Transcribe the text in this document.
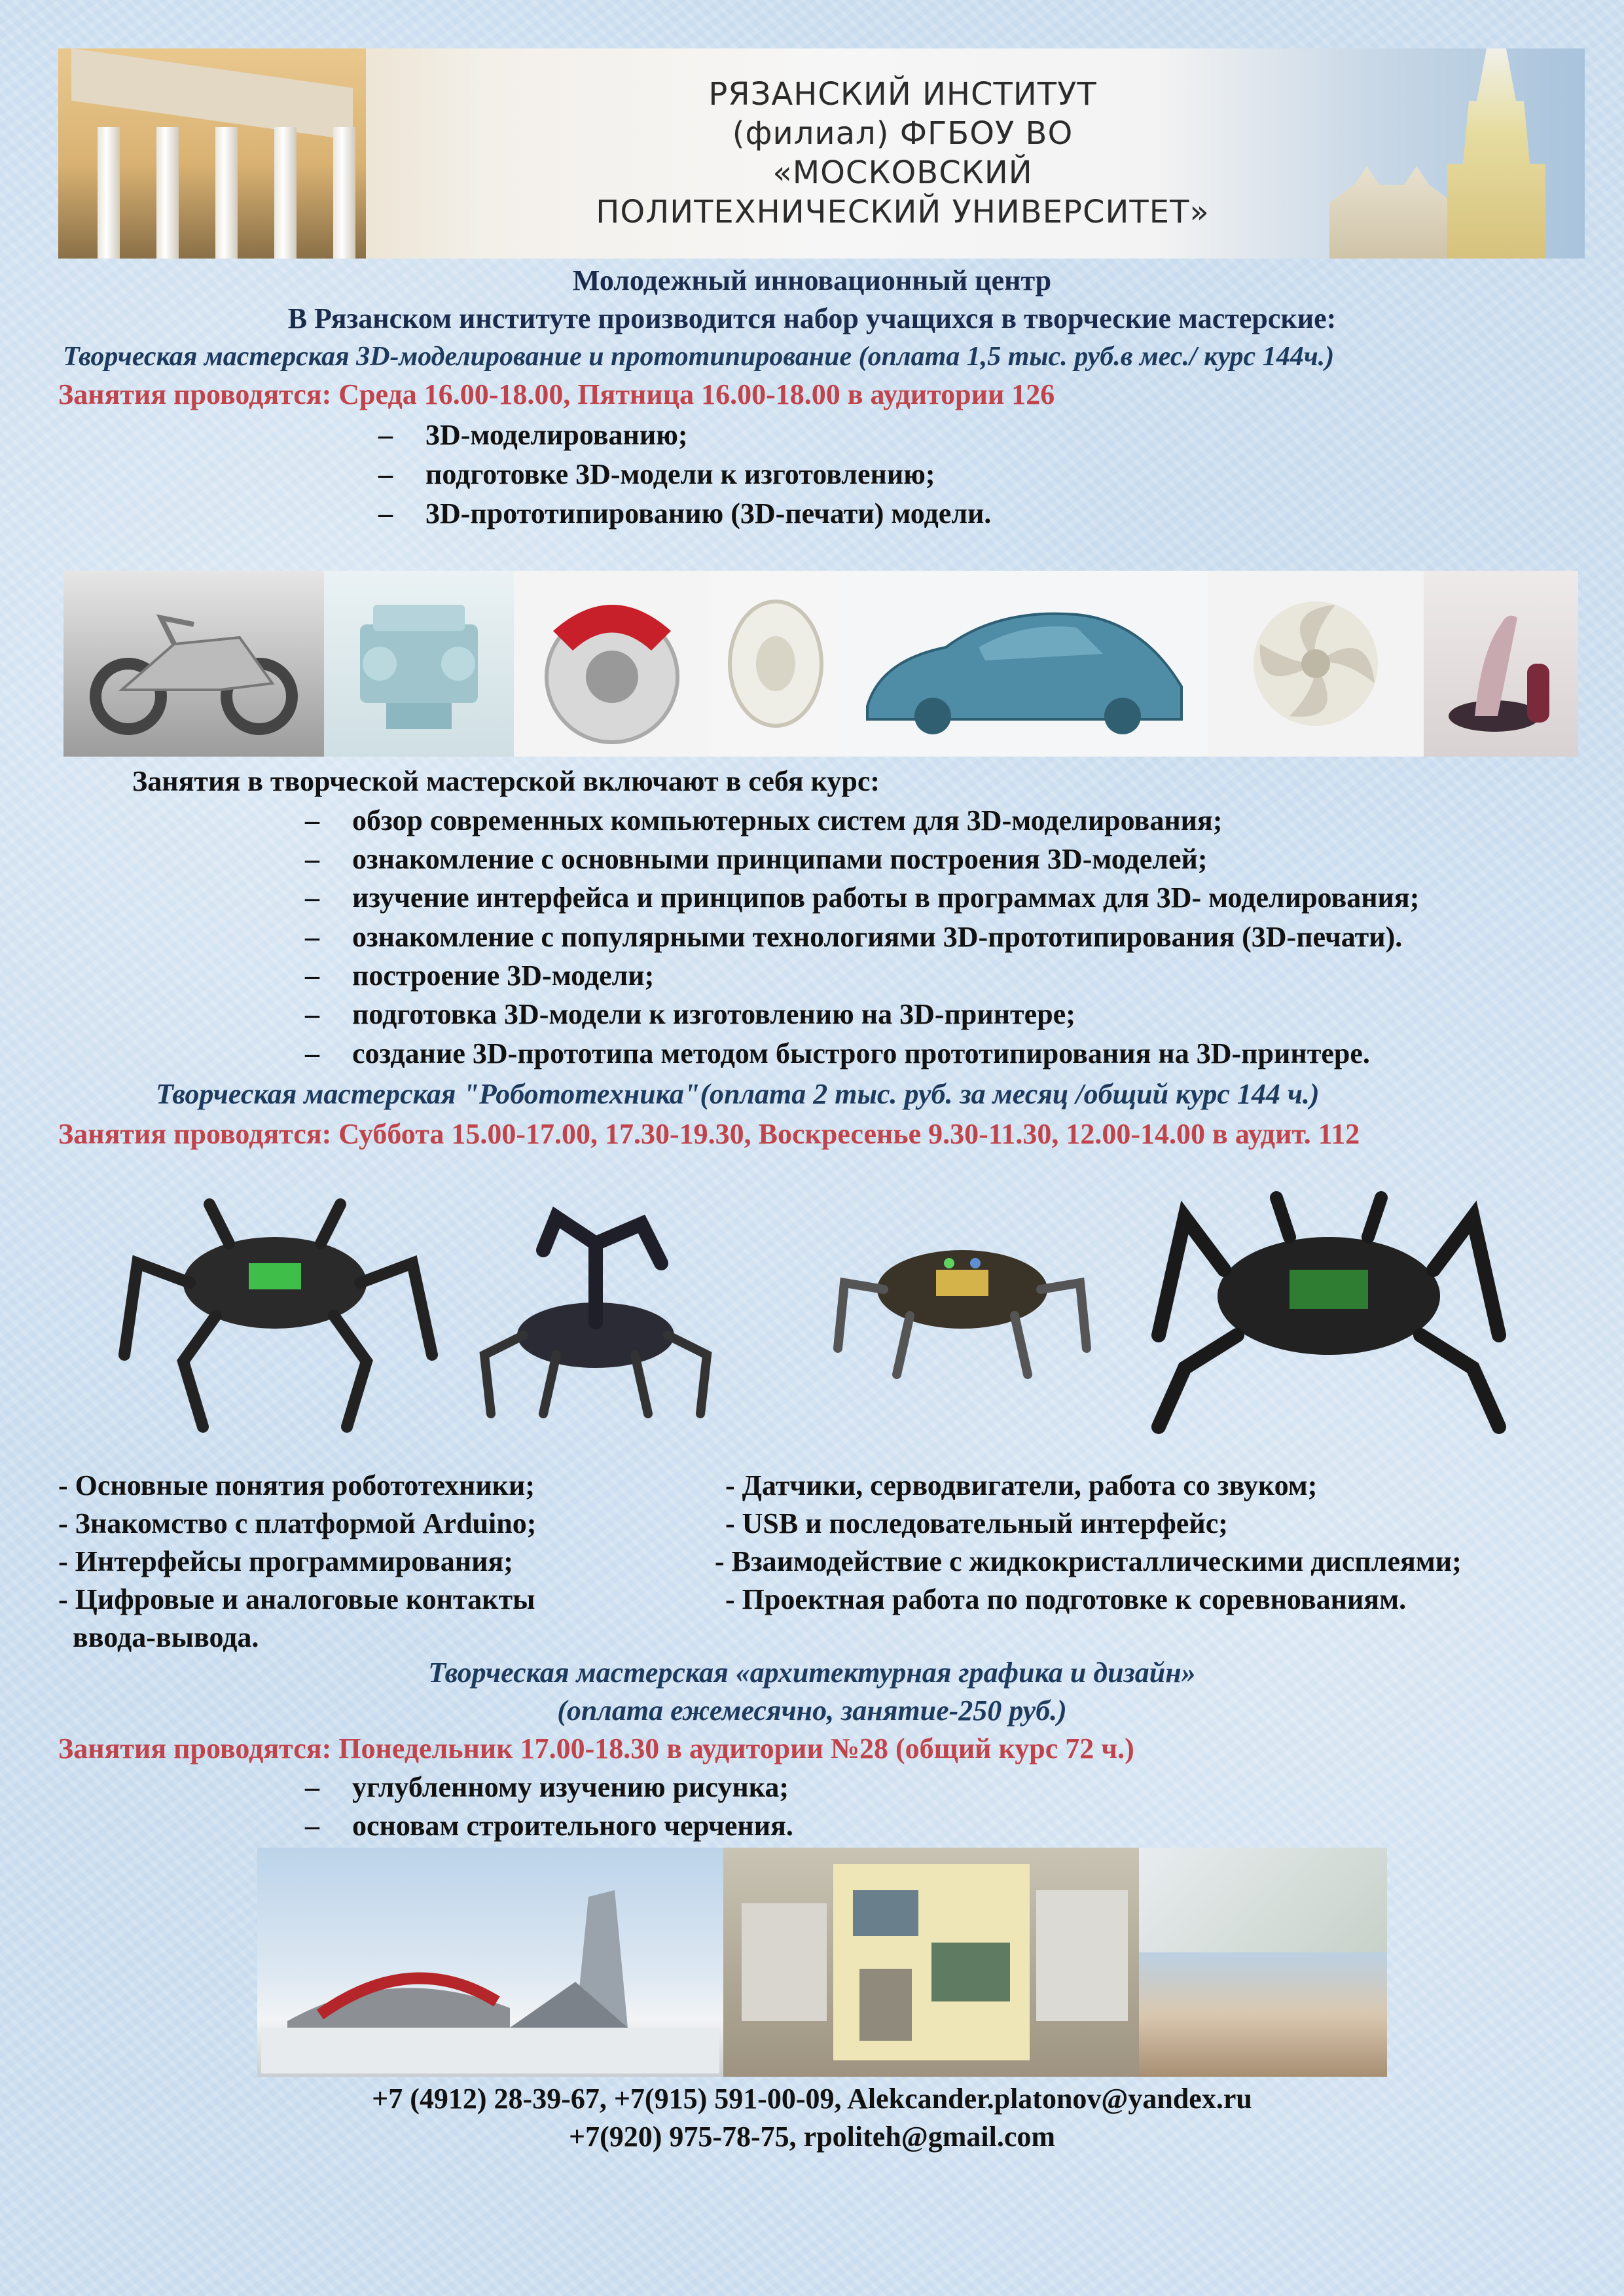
РЯЗАНСКИЙ ИНСТИТУТ
(филиал) ФГБОУ ВО
«МОСКОВСКИЙ
ПОЛИТЕХНИЧЕСКИЙ УНИВЕРСИТЕТ»
Молодежный инновационный центр
В Рязанском институте производится набор учащихся в творческие мастерские:
Творческая мастерская 3D-моделирование и прототипирование (оплата 1,5 тыс. руб.в мес./ курс 144ч.)
Занятия проводятся: Среда 16.00-18.00, Пятница 16.00-18.00 в аудитории 126
– 3D-моделированию;
– подготовке 3D-модели к изготовлению;
– 3D-прототипированию (3D-печати) модели.
Занятия в творческой мастерской включают в себя курс:
– обзор современных компьютерных систем для 3D-моделирования;
– ознакомление с основными принципами построения 3D-моделей;
– изучение интерфейса и принципов работы в программах для 3D- моделирования;
– ознакомление с популярными технологиями 3D-прототипирования (3D-печати).
– построение 3D-модели;
– подготовка 3D-модели к изготовлению на 3D-принтере;
– создание 3D-прототипа методом быстрого прототипирования на 3D-принтере.
Творческая мастерская "Робототехника"(оплата 2 тыс. руб. за месяц /общий курс 144 ч.)
Занятия проводятся: Суббота 15.00-17.00, 17.30-19.30, Воскресенье 9.30-11.30, 12.00-14.00 в аудит. 112
- Основные понятия робототехники;
- Знакомство с платформой Arduino;
- Интерфейсы программирования;
- Цифровые и аналоговые контакты
ввода-вывода.
- Датчики, серводвигатели, работа со звуком;
- USB и последовательный интерфейс;
- Взаимодействие с жидкокристаллическими дисплеями;
- Проектная работа по подготовке к соревнованиям.
Творческая мастерская «архитектурная графика и дизайн»
(оплата ежемесячно, занятие-250 руб.)
Занятия проводятся: Понедельник 17.00-18.30 в аудитории №28 (общий курс 72 ч.)
– углубленному изучению рисунка;
– основам строительного черчения.
+7 (4912) 28-39-67, +7(915) 591-00-09, Alekcander.platonov@yandex.ru
+7(920) 975-78-75, rpoliteh@gmail.com
